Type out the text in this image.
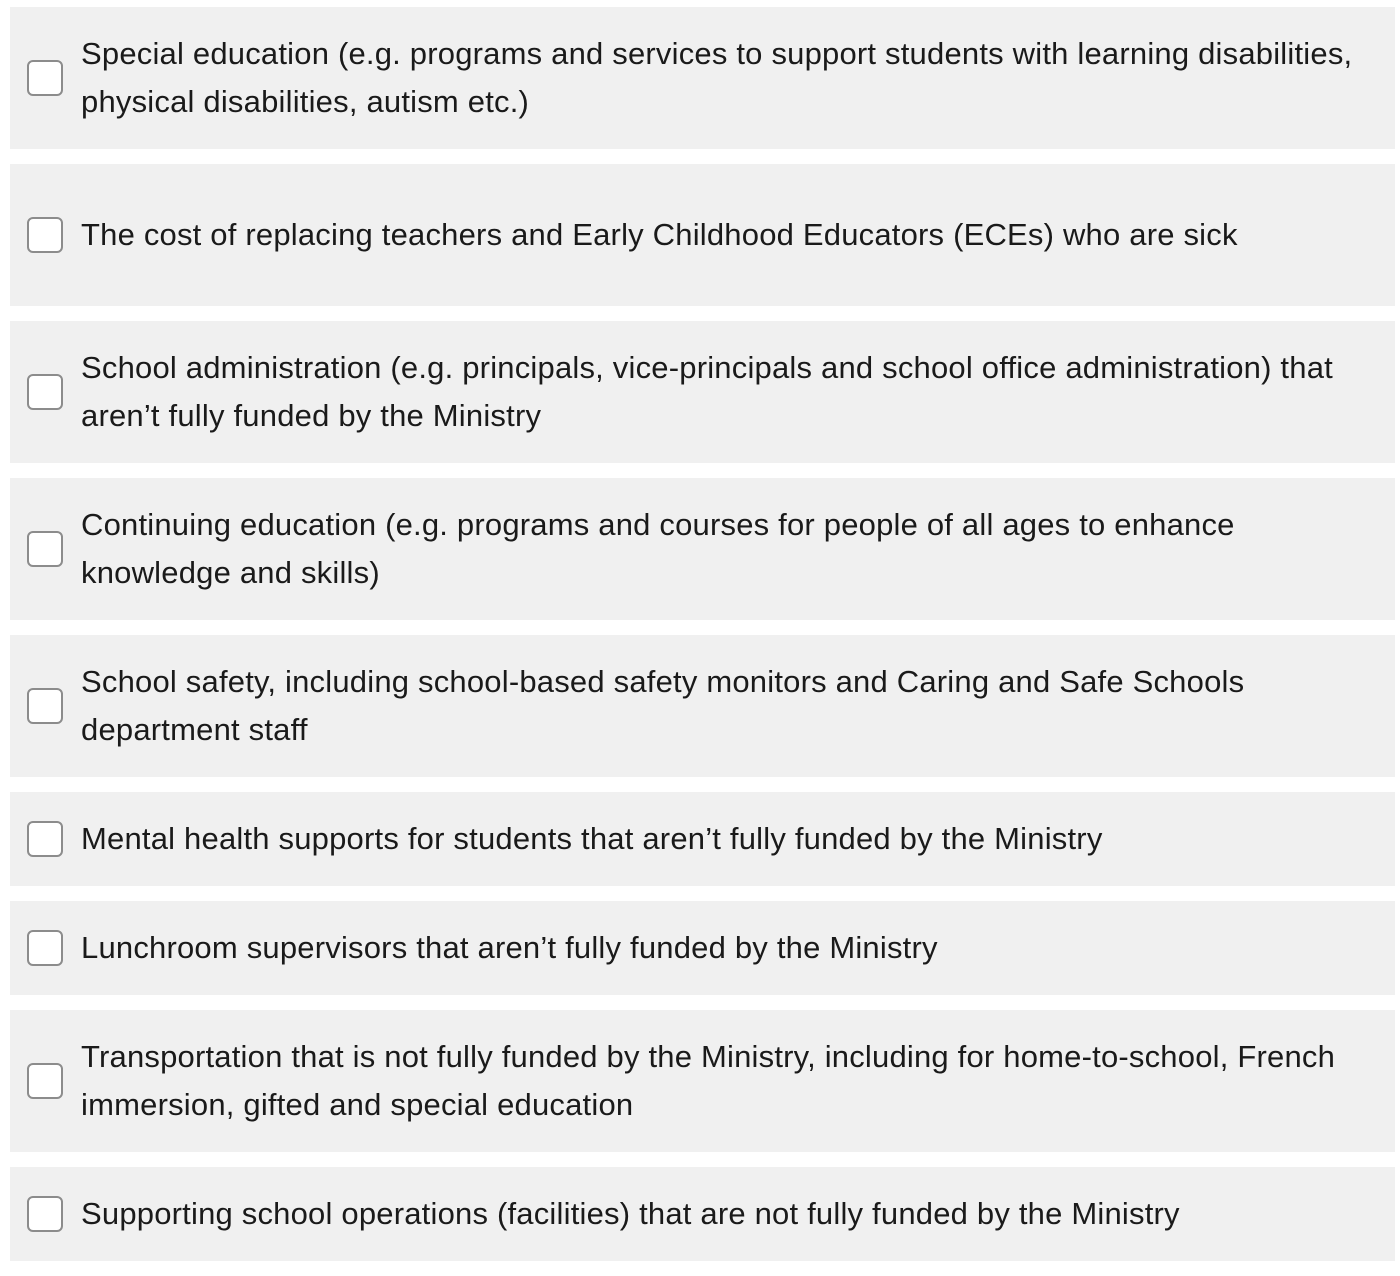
Special education (e.g. programs and services to support students with learning disabilities, physical disabilities, autism etc.)
The cost of replacing teachers and Early Childhood Educators (ECEs) who are sick
School administration (e.g. principals, vice-principals and school office administration) that aren’t fully funded by the Ministry
Continuing education (e.g. programs and courses for people of all ages to enhance knowledge and skills)
School safety, including school-based safety monitors and Caring and Safe Schools department staff
Mental health supports for students that aren’t fully funded by the Ministry
Lunchroom supervisors that aren’t fully funded by the Ministry
Transportation that is not fully funded by the Ministry, including for home-to-school, French immersion, gifted and special education
Supporting school operations (facilities) that are not fully funded by the Ministry
